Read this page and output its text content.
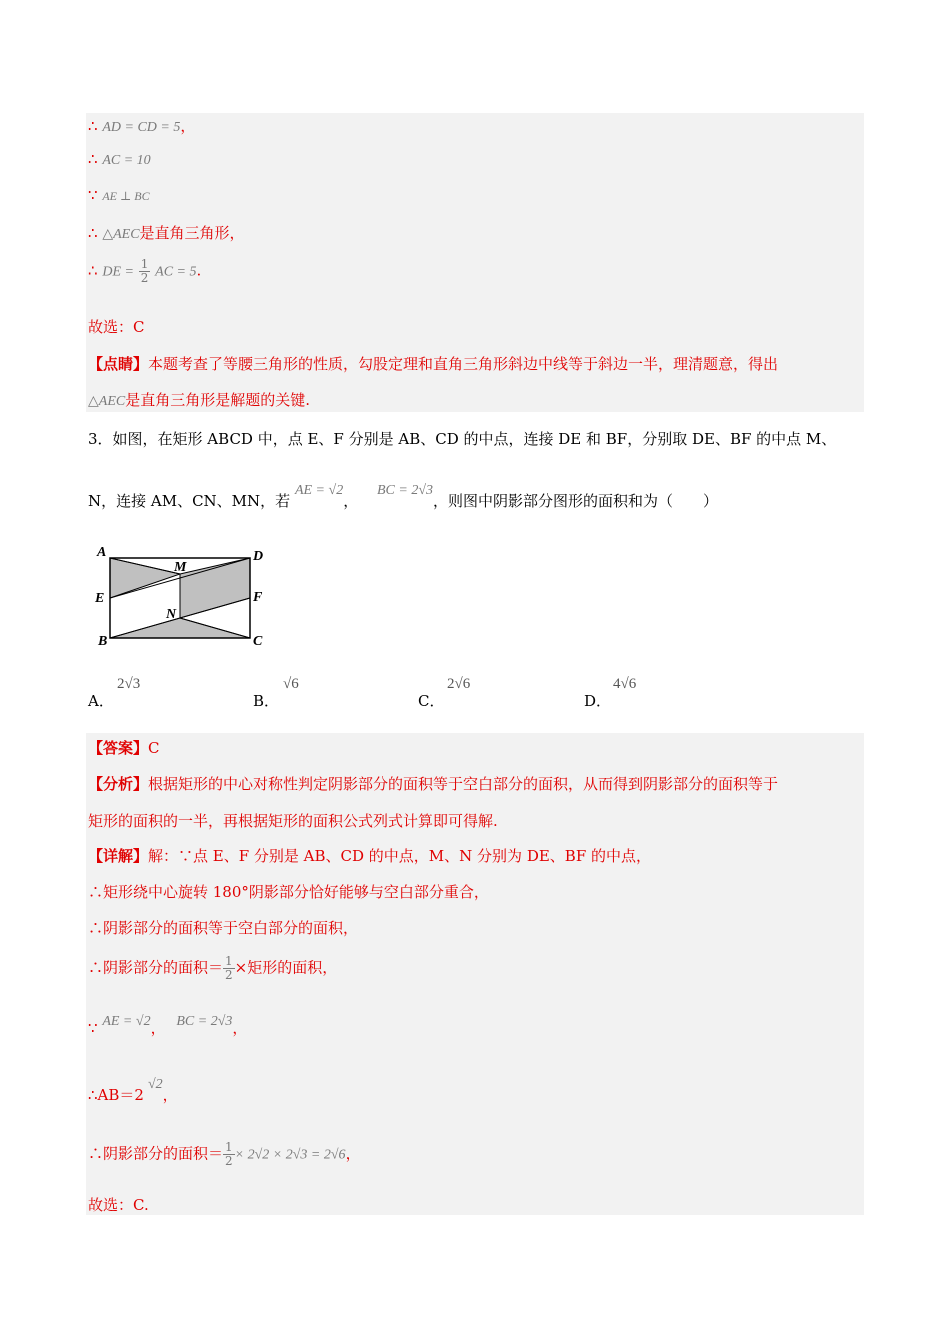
∴ AD = CD = 5，
∴ AC = 10
∵ AE ⊥ BC
∴ △AEC是直角三角形，
∴ DE = $\frac{1}{2}$ AC = 5.
故选：C
【点睛】本题考查了等腰三角形的性质，勾股定理和直角三角形斜边中线等于斜边一半，理清题意，得出
△AEC是直角三角形是解题的关键.
3．如图，在矩形 ABCD 中，点 E、F 分别是 AB、CD 的中点，连接 DE 和 BF，分别取 DE、BF 的中点 M、
N，连接 AM、CN、MN，若 AE = √2， BC = 2√3，则图中阴影部分图形的面积和为（　　）
A	D
M
E	F
N
B	C
A．
2√3
B．
√6
C．
2√6
D．
4√6
【答案】C
【分析】根据矩形的中心对称性判定阴影部分的面积等于空白部分的面积，从而得到阴影部分的面积等于
矩形的面积的一半，再根据矩形的面积公式列式计算即可得解.
【详解】解：∵点 E、F 分别是 AB、CD 的中点，M、N 分别为 DE、BF 的中点，
∴矩形绕中心旋转 180°阴影部分恰好能够与空白部分重合，
∴阴影部分的面积等于空白部分的面积，
∴阴影部分的面积＝ $\frac{1}{2}$ ×矩形的面积，
∵ AE = √2， BC = 2√3，
∴AB＝2√2，
∴阴影部分的面积＝ $\frac{1}{2} \times 2√2 \times 2√3 = 2√6$，
故选：C.
